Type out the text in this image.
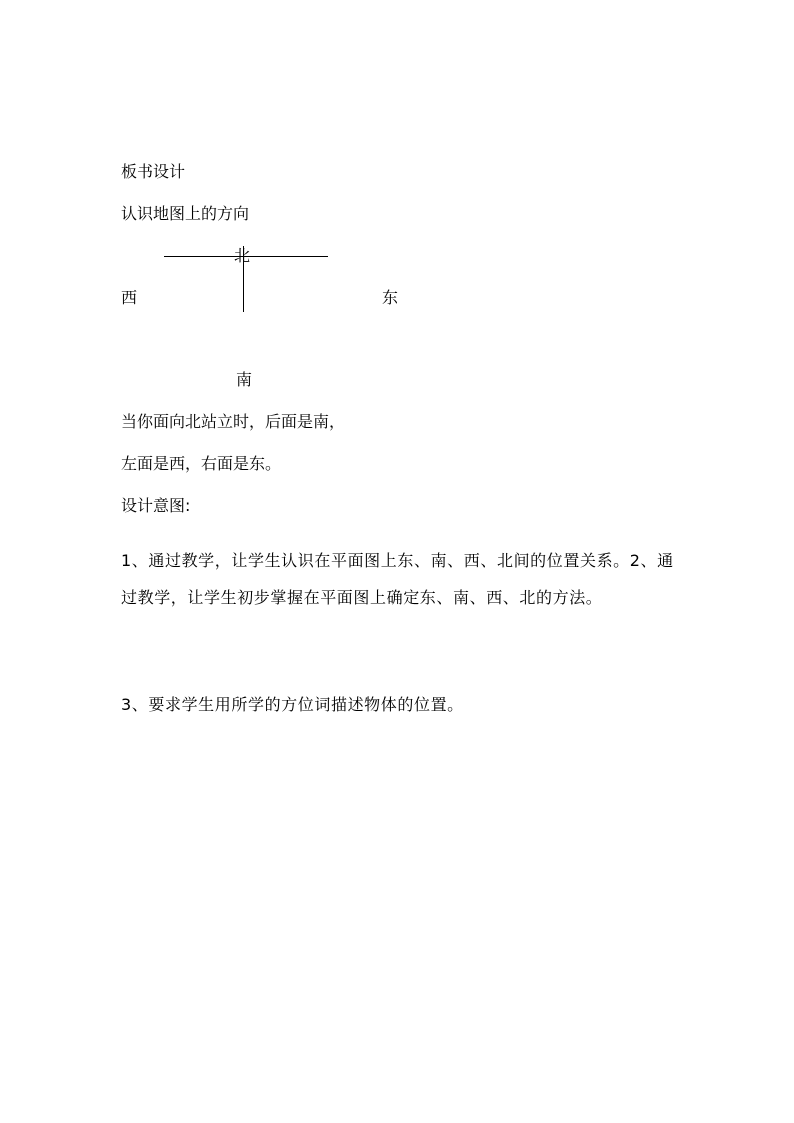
板书设计
认识地图上的方向
北
西	东
南
当你面向北站立时，后面是南，
左面是西，右面是东。
设计意图:
1、通过教学，让学生认识在平面图上东、南、西、北间的位置关系。2、通过教学，让学生初步掌握在平面图上确定东、南、西、北的方法。
3、要求学生用所学的方位词描述物体的位置。
